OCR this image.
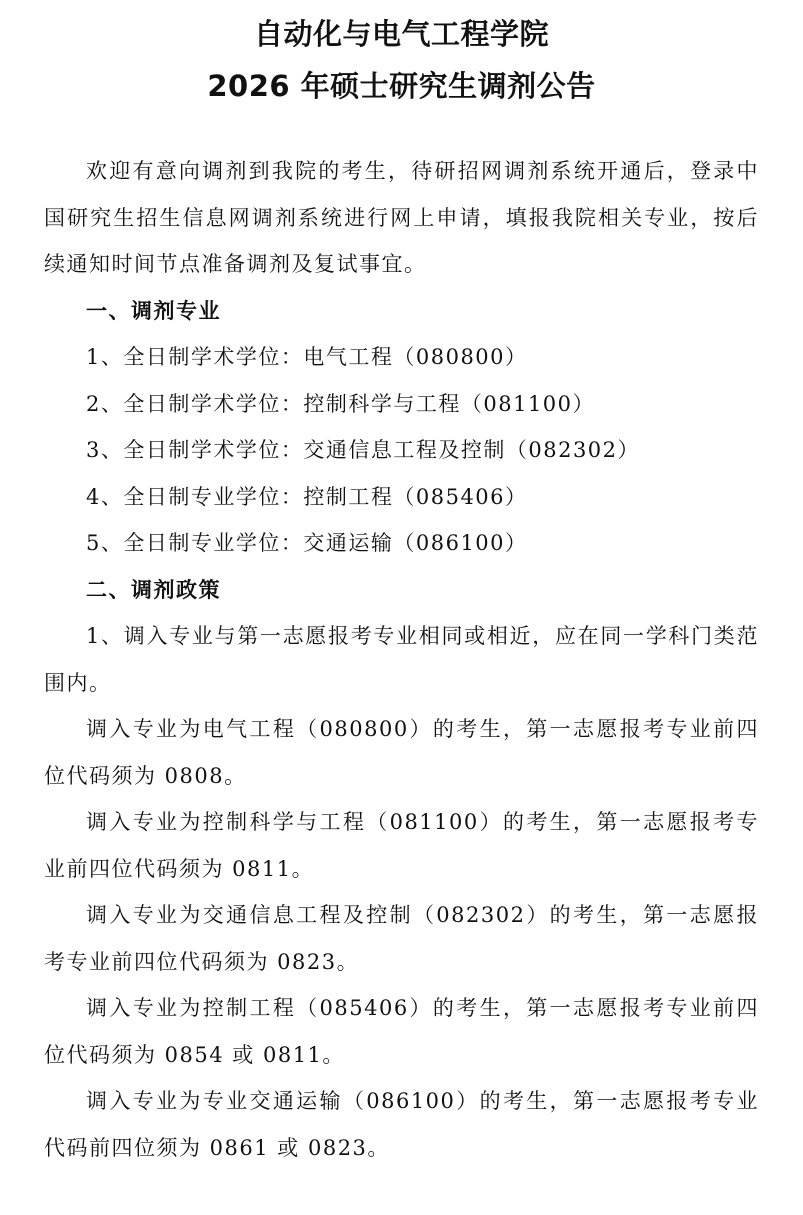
自动化与电气工程学院
2026 年硕士研究生调剂公告

欢迎有意向调剂到我院的考生，待研招网调剂系统开通后，登录中国研究生招生信息网调剂系统进行网上申请，填报我院相关专业，按后续通知时间节点准备调剂及复试事宜。

一、调剂专业

1、全日制学术学位：电气工程（080800）

2、全日制学术学位：控制科学与工程（081100）

3、全日制学术学位：交通信息工程及控制（082302）

4、全日制专业学位：控制工程（085406）

5、全日制专业学位：交通运输（086100）

二、调剂政策

1、调入专业与第一志愿报考专业相同或相近，应在同一学科门类范围内。

调入专业为电气工程（080800）的考生，第一志愿报考专业前四位代码须为 0808。

调入专业为控制科学与工程（081100）的考生，第一志愿报考专业前四位代码须为 0811。

调入专业为交通信息工程及控制（082302）的考生，第一志愿报考专业前四位代码须为 0823。

调入专业为控制工程（085406）的考生，第一志愿报考专业前四位代码须为 0854 或 0811。

调入专业为专业交通运输（086100）的考生，第一志愿报考专业代码前四位须为 0861 或 0823。
